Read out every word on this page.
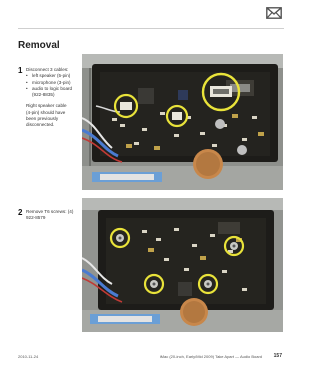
Removal
1 Disconnect 3 cables:

• left speaker (5-pin)
• microphone (3-pin)
• audio to logic board (922-8835)

Right speaker cable (4-pin) should have been previously disconnected.

2 Remove T6 screws: (4) 922-8579

2010-11-24	iMac (20-inch, Early/Mid 2009) Take Apart — Audio Board 157
